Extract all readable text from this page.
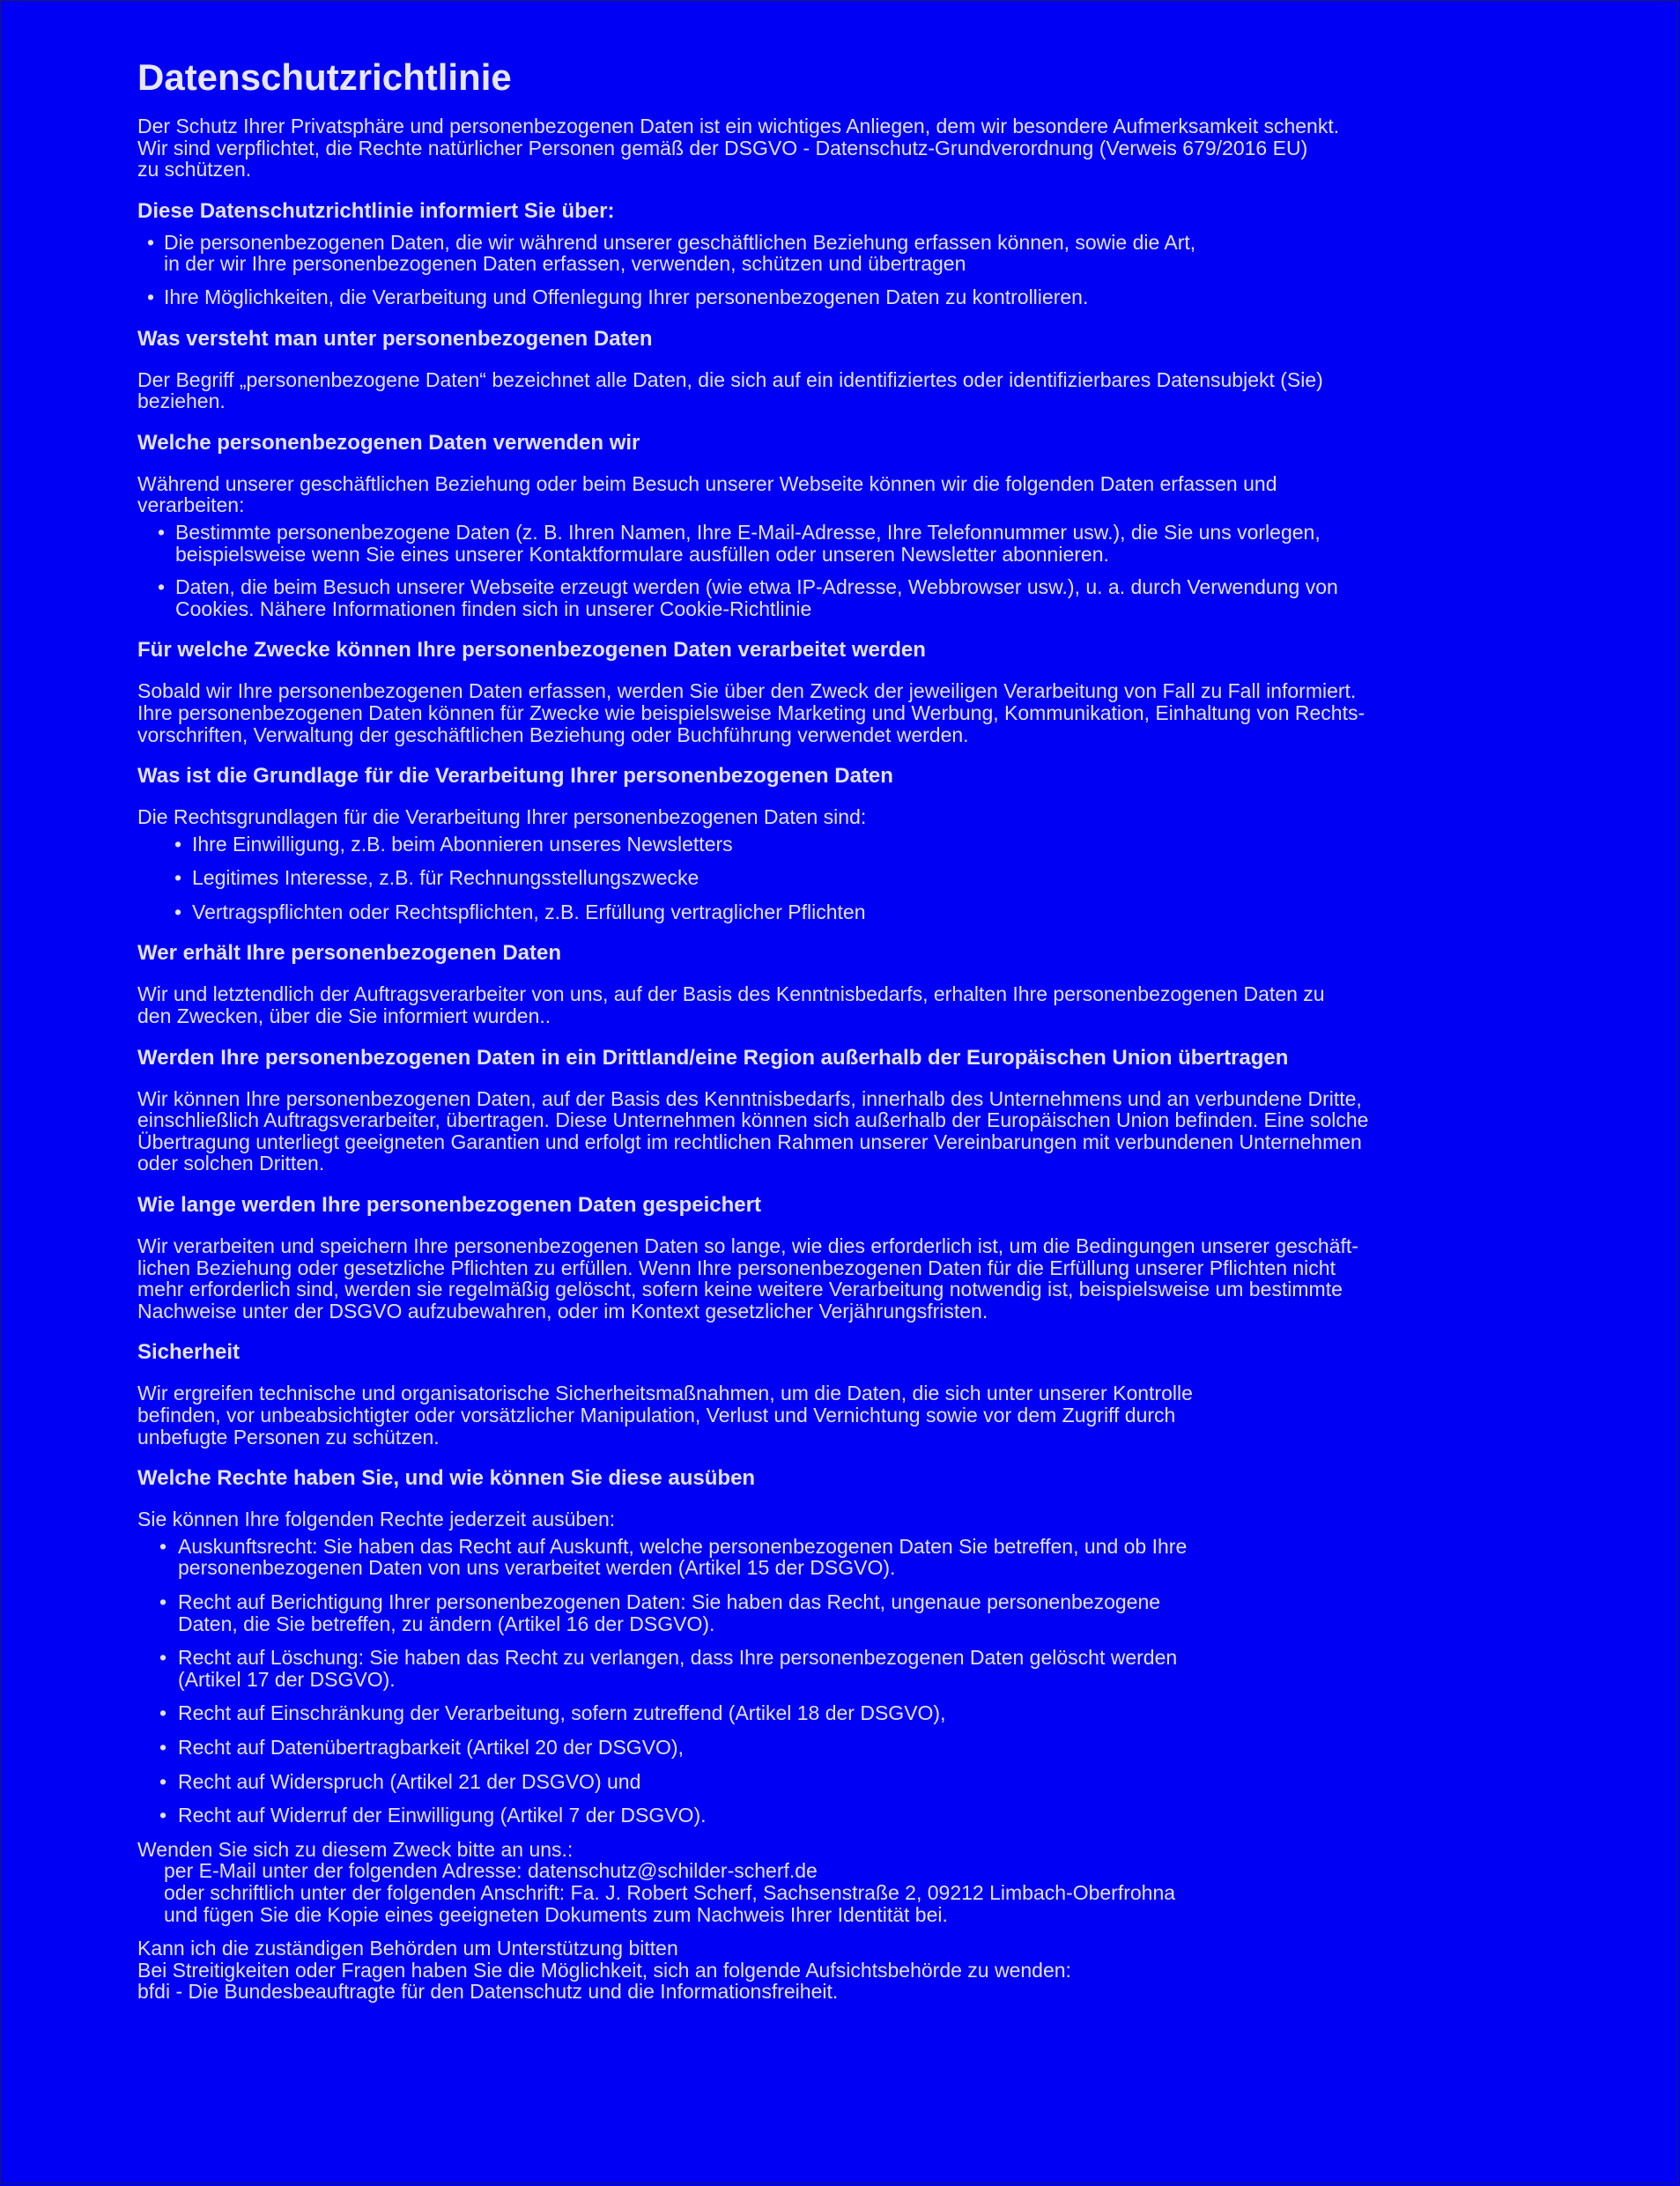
Datenschutzrichtlinie

Der Schutz Ihrer Privatsphäre und personenbezogenen Daten ist ein wichtiges Anliegen, dem wir besondere Aufmerksamkeit schenkt.
Wir sind verpflichtet, die Rechte natürlicher Personen gemäß der DSGVO - Datenschutz-Grundverordnung (Verweis 679/2016 EU)
zu schützen.

Diese Datenschutzrichtlinie informiert Sie über:
• Die personenbezogenen Daten, die wir während unserer geschäftlichen Beziehung erfassen können, sowie die Art,
in der wir Ihre personenbezogenen Daten erfassen, verwenden, schützen und übertragen
• Ihre Möglichkeiten, die Verarbeitung und Offenlegung Ihrer personenbezogenen Daten zu kontrollieren.
Was versteht man unter personenbezogenen Daten

Der Begriff „personenbezogene Daten“ bezeichnet alle Daten, die sich auf ein identifiziertes oder identifizierbares Datensubjekt (Sie)
beziehen.

Welche personenbezogenen Daten verwenden wir

Während unserer geschäftlichen Beziehung oder beim Besuch unserer Webseite können wir die folgenden Daten erfassen und
verarbeiten:

• Bestimmte personenbezogene Daten (z. B. Ihren Namen, Ihre E-Mail-Adresse, Ihre Telefonnummer usw.), die Sie uns vorlegen,
beispielsweise wenn Sie eines unserer Kontaktformulare ausfüllen oder unseren Newsletter abonnieren.
• Daten, die beim Besuch unserer Webseite erzeugt werden (wie etwa IP-Adresse, Webbrowser usw.), u. a. durch Verwendung von
Cookies. Nähere Informationen finden sich in unserer Cookie-Richtlinie
Für welche Zwecke können Ihre personenbezogenen Daten verarbeitet werden

Sobald wir Ihre personenbezogenen Daten erfassen, werden Sie über den Zweck der jeweiligen Verarbeitung von Fall zu Fall informiert.
Ihre personenbezogenen Daten können für Zwecke wie beispielsweise Marketing und Werbung, Kommunikation, Einhaltung von Rechts-
vorschriften, Verwaltung der geschäftlichen Beziehung oder Buchführung verwendet werden.

Was ist die Grundlage für die Verarbeitung Ihrer personenbezogenen Daten

Die Rechtsgrundlagen für die Verarbeitung Ihrer personenbezogenen Daten sind:

• Ihre Einwilligung, z.B. beim Abonnieren unseres Newsletters
• Legitimes Interesse, z.B. für Rechnungsstellungszwecke
• Vertragspflichten oder Rechtspflichten, z.B. Erfüllung vertraglicher Pflichten
Wer erhält Ihre personenbezogenen Daten

Wir und letztendlich der Auftragsverarbeiter von uns, auf der Basis des Kenntnisbedarfs, erhalten Ihre personenbezogenen Daten zu
den Zwecken, über die Sie informiert wurden..

Werden Ihre personenbezogenen Daten in ein Drittland/eine Region außerhalb der Europäischen Union übertragen

Wir können Ihre personenbezogenen Daten, auf der Basis des Kenntnisbedarfs, innerhalb des Unternehmens und an verbundene Dritte,
einschließlich Auftragsverarbeiter, übertragen. Diese Unternehmen können sich außerhalb der Europäischen Union befinden. Eine solche
Übertragung unterliegt geeigneten Garantien und erfolgt im rechtlichen Rahmen unserer Vereinbarungen mit verbundenen Unternehmen
oder solchen Dritten.

Wie lange werden Ihre personenbezogenen Daten gespeichert

Wir verarbeiten und speichern Ihre personenbezogenen Daten so lange, wie dies erforderlich ist, um die Bedingungen unserer geschäft-
lichen Beziehung oder gesetzliche Pflichten zu erfüllen. Wenn Ihre personenbezogenen Daten für die Erfüllung unserer Pflichten nicht
mehr erforderlich sind, werden sie regelmäßig gelöscht, sofern keine weitere Verarbeitung notwendig ist, beispielsweise um bestimmte
Nachweise unter der DSGVO aufzubewahren, oder im Kontext gesetzlicher Verjährungsfristen.

Sicherheit

Wir ergreifen technische und organisatorische Sicherheitsmaßnahmen, um die Daten, die sich unter unserer Kontrolle
befinden, vor unbeabsichtigter oder vorsätzlicher Manipulation, Verlust und Vernichtung sowie vor dem Zugriff durch
unbefugte Personen zu schützen.

Welche Rechte haben Sie, und wie können Sie diese ausüben

Sie können Ihre folgenden Rechte jederzeit ausüben:

• Auskunftsrecht: Sie haben das Recht auf Auskunft, welche personenbezogenen Daten Sie betreffen, und ob Ihre
personenbezogenen Daten von uns verarbeitet werden (Artikel 15 der DSGVO).
• Recht auf Berichtigung Ihrer personenbezogenen Daten: Sie haben das Recht, ungenaue personenbezogene
Daten, die Sie betreffen, zu ändern (Artikel 16 der DSGVO).
• Recht auf Löschung: Sie haben das Recht zu verlangen, dass Ihre personenbezogenen Daten gelöscht werden
(Artikel 17 der DSGVO).
• Recht auf Einschränkung der Verarbeitung, sofern zutreffend (Artikel 18 der DSGVO),
• Recht auf Datenübertragbarkeit (Artikel 20 der DSGVO),
• Recht auf Widerspruch (Artikel 21 der DSGVO) und
• Recht auf Widerruf der Einwilligung (Artikel 7 der DSGVO).

Wenden Sie sich zu diesem Zweck bitte an uns.:

per E-Mail unter der folgenden Adresse: datenschutz@schilder-scherf.de

oder schriftlich unter der folgenden Anschrift: Fa. J. Robert Scherf, Sachsenstraße 2, 09212 Limbach-Oberfrohna

und fügen Sie die Kopie eines geeigneten Dokuments zum Nachweis Ihrer Identität bei.

Kann ich die zuständigen Behörden um Unterstützung bitten

Bei Streitigkeiten oder Fragen haben Sie die Möglichkeit, sich an folgende Aufsichtsbehörde zu wenden:

bfdi - Die Bundesbeauftragte für den Datenschutz und die Informationsfreiheit.
